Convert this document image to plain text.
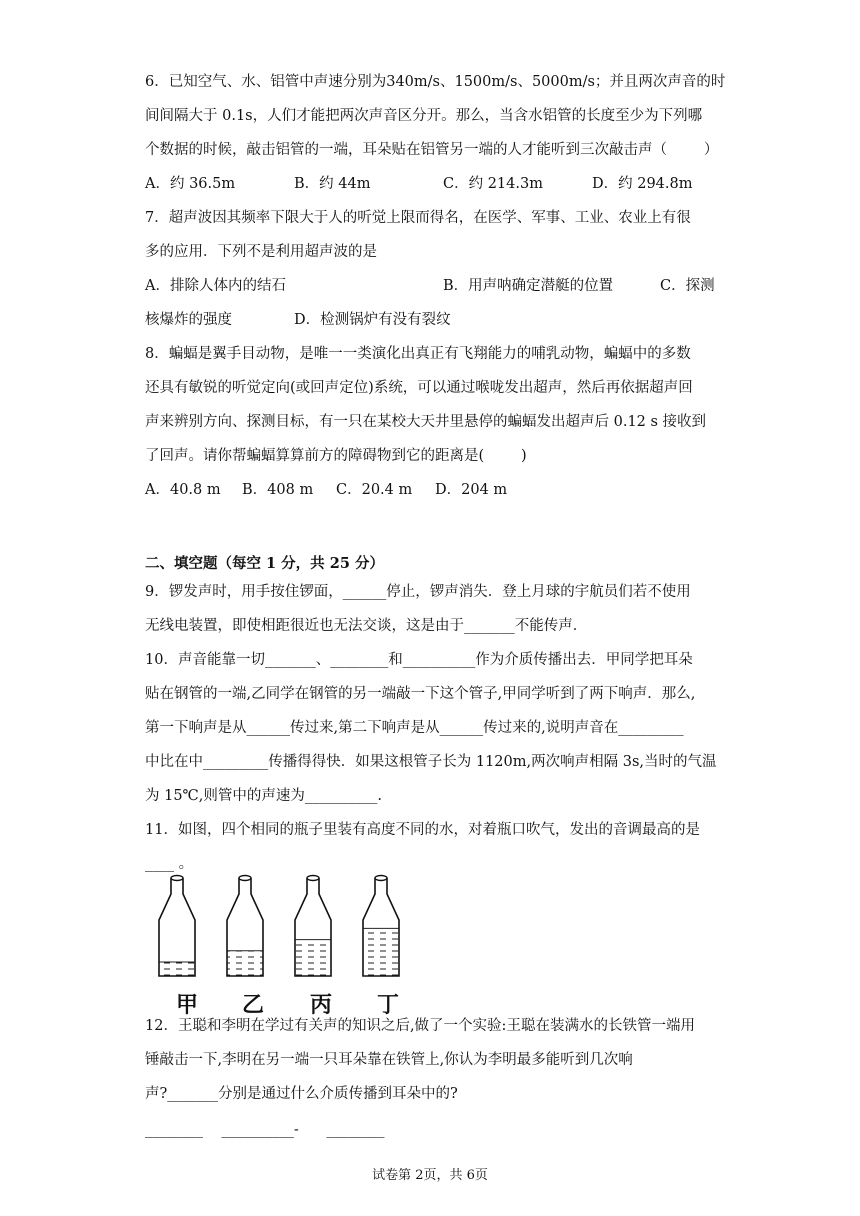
6．已知空气、水、铝管中声速分别为340m/s、1500m/s、5000m/s；并且两次声音的时
间间隔大于 0.1s，人们才能把两次声音区分开。那么，当含水铝管的长度至少为下列哪
个数据的时候，敲击铝管的一端，耳朵贴在铝管另一端的人才能听到三次敲击声（        ）
A．约 36.5m	B．约 44m	C．约 214.3m	D．约 294.8m
7．超声波因其频率下限大于人的听觉上限而得名，在医学、军事、工业、农业上有很
多的应用．下列不是利用超声波的是
A．排除人体内的结石	B．用声呐确定潜艇的位置	C．探测
核爆炸的强度	D．检测锅炉有没有裂纹
8．蝙蝠是翼手目动物，是唯一一类演化出真正有飞翔能力的哺乳动物，蝙蝠中的多数
还具有敏锐的听觉定向(或回声定位)系统，可以通过喉咙发出超声，然后再依据超声回
声来辨别方向、探测目标，有一只在某校大天井里悬停的蝙蝠发出超声后 0.12 s 接收到
了回声。请你帮蝙蝠算算前方的障碍物到它的距离是(        )
A．40.8 m B．408 m C．20.4 m D．204 m
二、填空题（每空 1 分，共 25 分）
9．锣发声时，用手按住锣面，______停止，锣声消失．登上月球的宇航员们若不使用
无线电装置，即使相距很近也无法交谈，这是由于_______不能传声．
10．声音能靠一切_______、________和__________作为介质传播出去．甲同学把耳朵
贴在钢管的一端,乙同学在钢管的另一端敲一下这个管子,甲同学听到了两下响声．那么,
第一下响声是从______传过来,第二下响声是从______传过来的,说明声音在_________
中比在中_________传播得得快．如果这根管子长为 1120m,两次响声相隔 3s,当时的气温
为 15℃,则管中的声速为__________.
11．如图，四个相同的瓶子里装有高度不同的水，对着瓶口吹气，发出的音调最高的是
____ 。
甲 乙 丙 丁
12．王聪和李明在学过有关声的知识之后,做了一个实验:王聪在装满水的长铁管一端用
锤敲击一下,李明在另一端一只耳朵靠在铁管上,你认为李明最多能听到几次响
声?_______分别是通过什么介质传播到耳朵中的?
________    __________-      ________
试卷第 2页，共 6页
